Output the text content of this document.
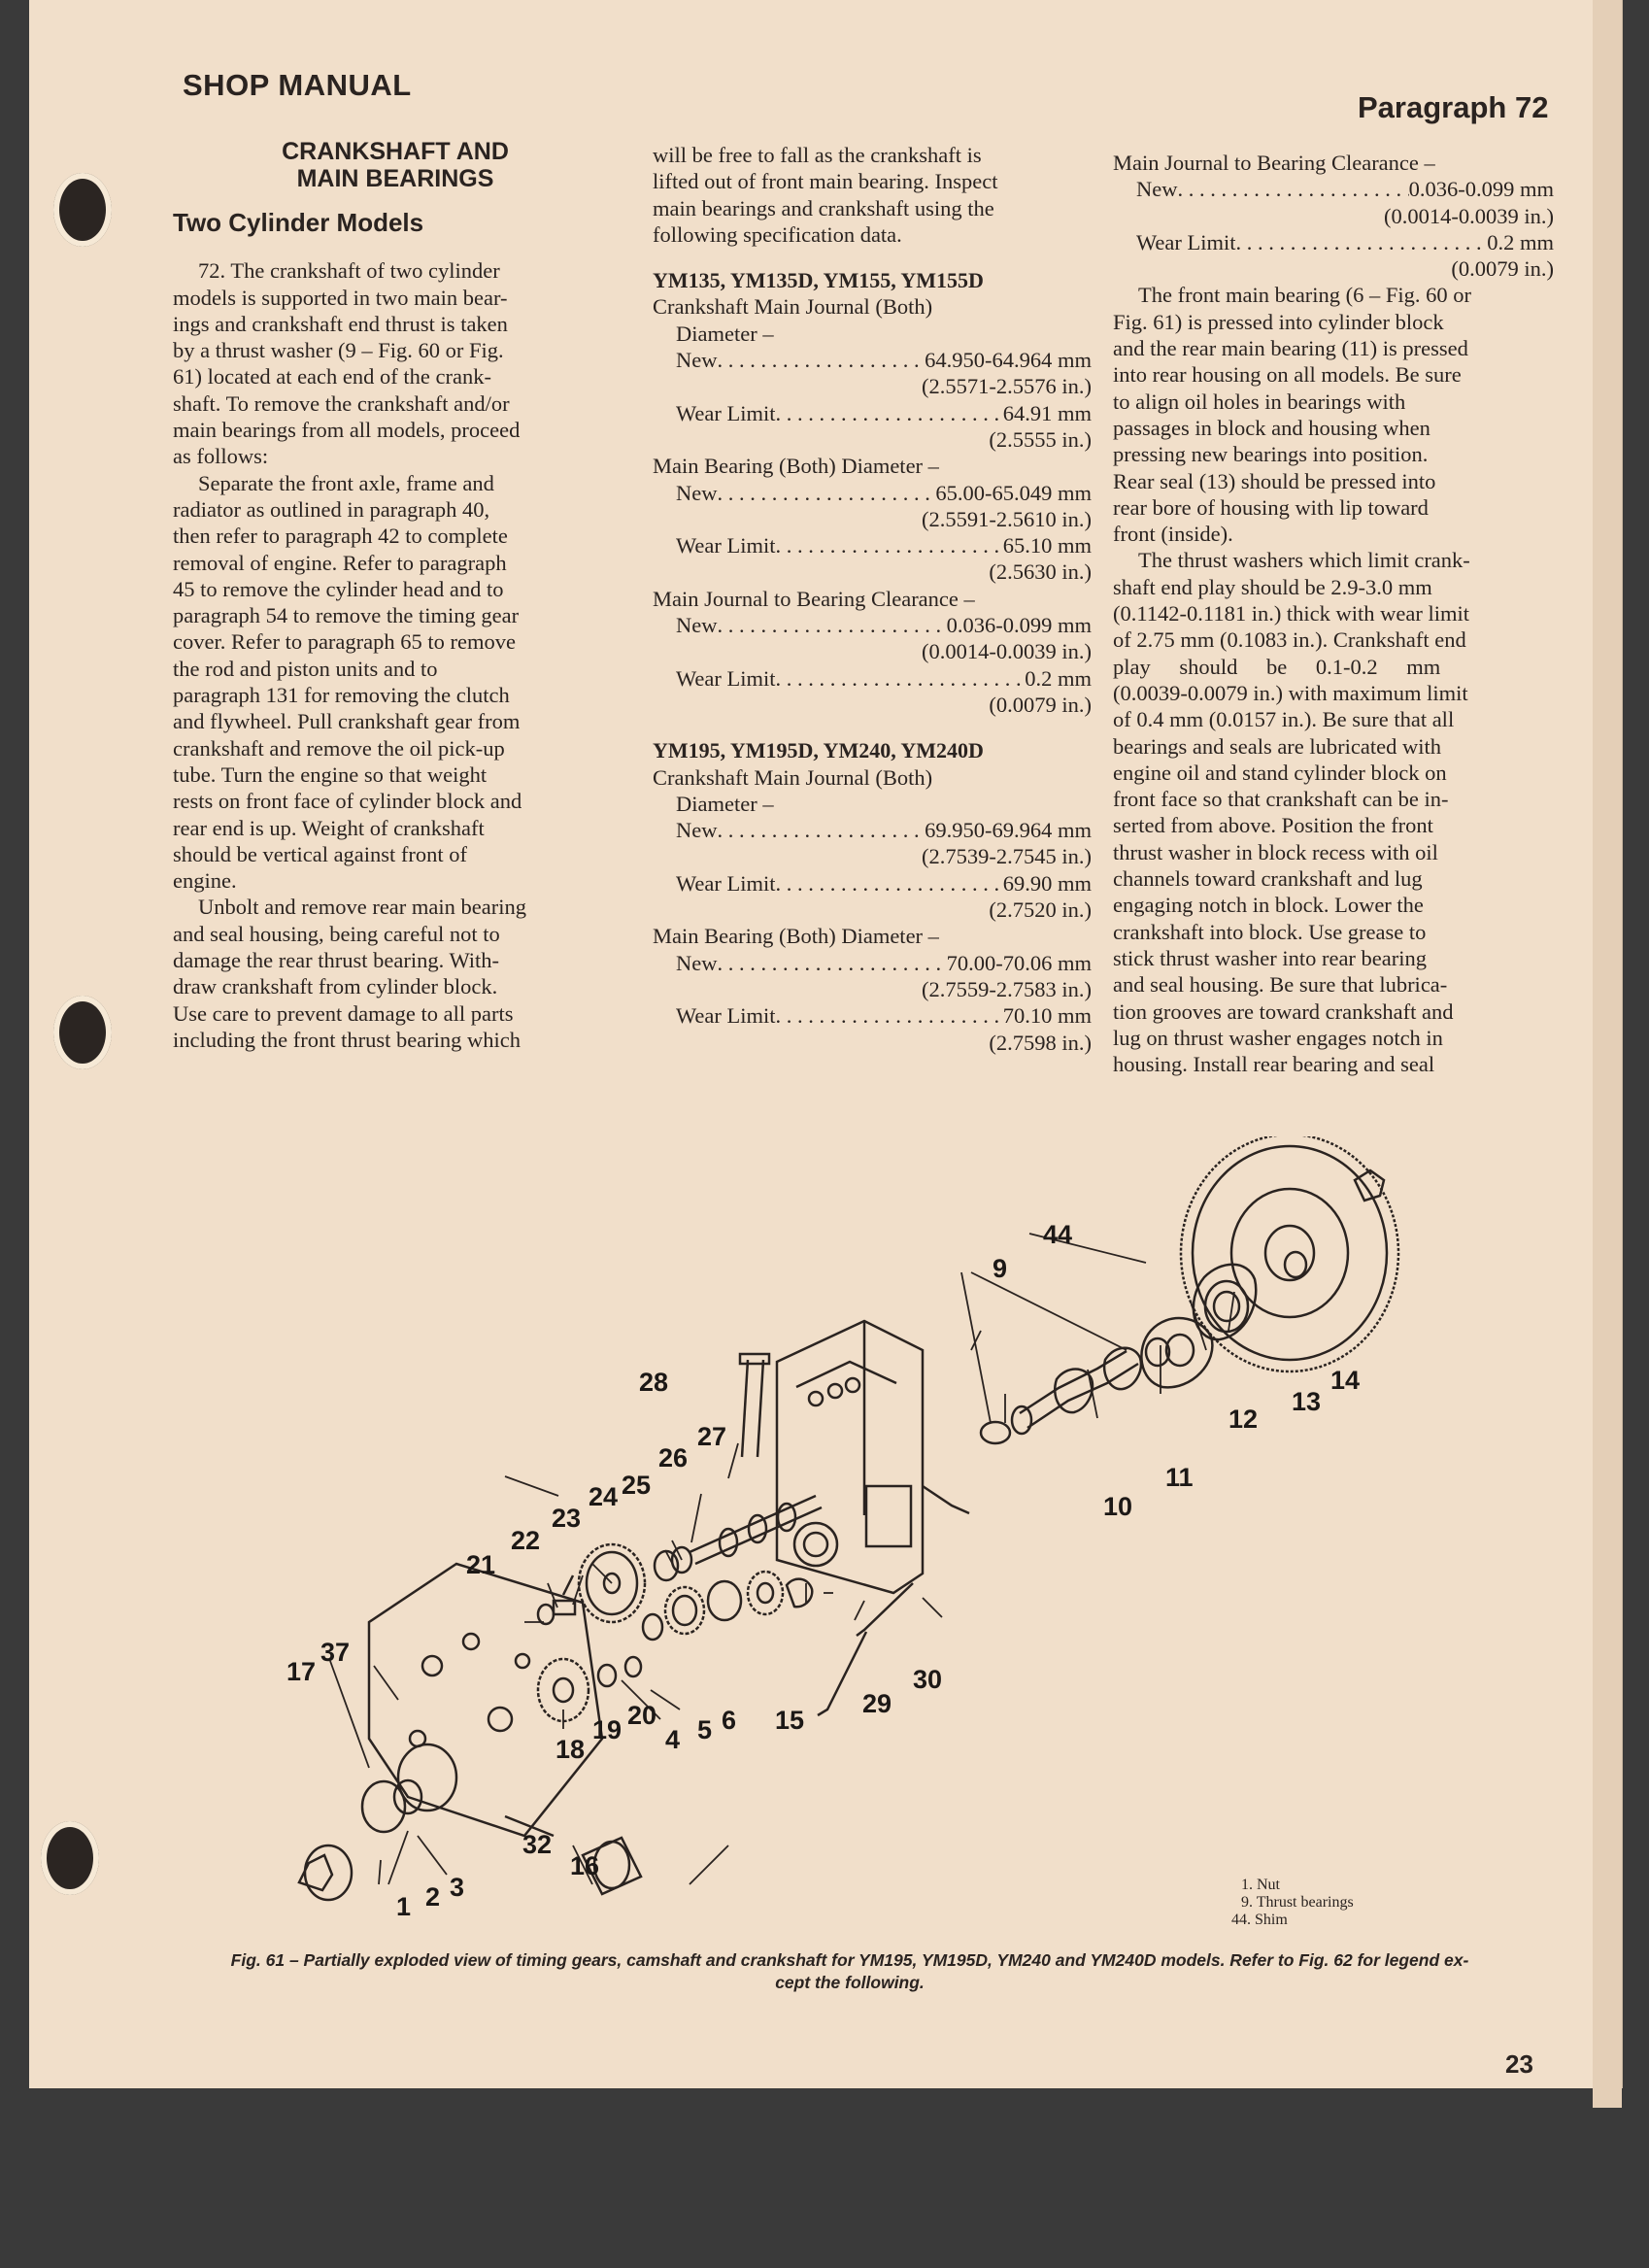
SHOP MANUAL
Paragraph 72
CRANKSHAFT AND
MAIN BEARINGS
Two Cylinder Models
72. The crankshaft of two cylinder
models is supported in two main bear-
ings and crankshaft end thrust is taken
by a thrust washer (9 – Fig. 60 or Fig.
61) located at each end of the crank-
shaft. To remove the crankshaft and/or
main bearings from all models, proceed
as follows:
Separate the front axle, frame and
radiator as outlined in paragraph 40,
then refer to paragraph 42 to complete
removal of engine. Refer to paragraph
45 to remove the cylinder head and to
paragraph 54 to remove the timing gear
cover. Refer to paragraph 65 to remove
the rod and piston units and to
paragraph 131 for removing the clutch
and flywheel. Pull crankshaft gear from
crankshaft and remove the oil pick-up
tube. Turn the engine so that weight
rests on front face of cylinder block and
rear end is up. Weight of crankshaft
should be vertical against front of
engine.
Unbolt and remove rear main bearing
and seal housing, being careful not to
damage the rear thrust bearing. With-
draw crankshaft from cylinder block.
Use care to prevent damage to all parts
including the front thrust bearing which
will be free to fall as the crankshaft is
lifted out of front main bearing. Inspect
main bearings and crankshaft using the
following specification data.
YM135, YM135D, YM155, YM155D
Crankshaft Main Journal (Both)
Diameter –
New . . .	64.950-64.964 mm
(2.5571-2.5576 in.)
Wear Limit . . .	64.91 mm
(2.5555 in.)
Main Bearing (Both) Diameter –
New . . .	65.00-65.049 mm
(2.5591-2.5610 in.)
Wear Limit . . .	65.10 mm
(2.5630 in.)
Main Journal to Bearing Clearance –
New . . .	0.036-0.099 mm
(0.0014-0.0039 in.)
Wear Limit . . .	0.2 mm
(0.0079 in.)
YM195, YM195D, YM240, YM240D
Crankshaft Main Journal (Both)
Diameter –
New . . .	69.950-69.964 mm
(2.7539-2.7545 in.)
Wear Limit . . .	69.90 mm
(2.7520 in.)
Main Bearing (Both) Diameter –
New . . .	70.00-70.06 mm
(2.7559-2.7583 in.)
Wear Limit . . .	70.10 mm
(2.7598 in.)
Main Journal to Bearing Clearance –
New . . .	0.036-0.099 mm
(0.0014-0.0039 in.)
Wear Limit . . .	0.2 mm
(0.0079 in.)
The front main bearing (6 – Fig. 60 or
Fig. 61) is pressed into cylinder block
and the rear main bearing (11) is pressed
into rear housing on all models. Be sure
to align oil holes in bearings with
passages in block and housing when
pressing new bearings into position.
Rear seal (13) should be pressed into
rear bore of housing with lip toward
front (inside).
The thrust washers which limit crank-
shaft end play should be 2.9-3.0 mm
(0.1142-0.1181 in.) thick with wear limit
of 2.75 mm (0.1083 in.). Crankshaft end
play should be 0.1-0.2 mm
(0.0039-0.0079 in.) with maximum limit
of 0.4 mm (0.0157 in.). Be sure that all
bearings and seals are lubricated with
engine oil and stand cylinder block on
front face so that crankshaft can be in-
serted from above. Position the front
thrust washer in block recess with oil
channels toward crankshaft and lug
engaging notch in block. Lower the
crankshaft into block. Use grease to
stick thrust washer into rear bearing
and seal housing. Be sure that lubrica-
tion grooves are toward crankshaft and
lug on thrust washer engages notch in
housing. Install rear bearing and seal
1 2 3
4 5 6
9
10
11
12
13
14
15
16
17
18
19 20
21
22
23
24 25
26
27
28
29
30
32
37
44
1. Nut
9. Thrust bearings
44. Shim
Fig. 61 – Partially exploded view of timing gears, camshaft and crankshaft for YM195, YM195D, YM240 and YM240D models. Refer to Fig. 62 for legend ex-
cept the following.
23
